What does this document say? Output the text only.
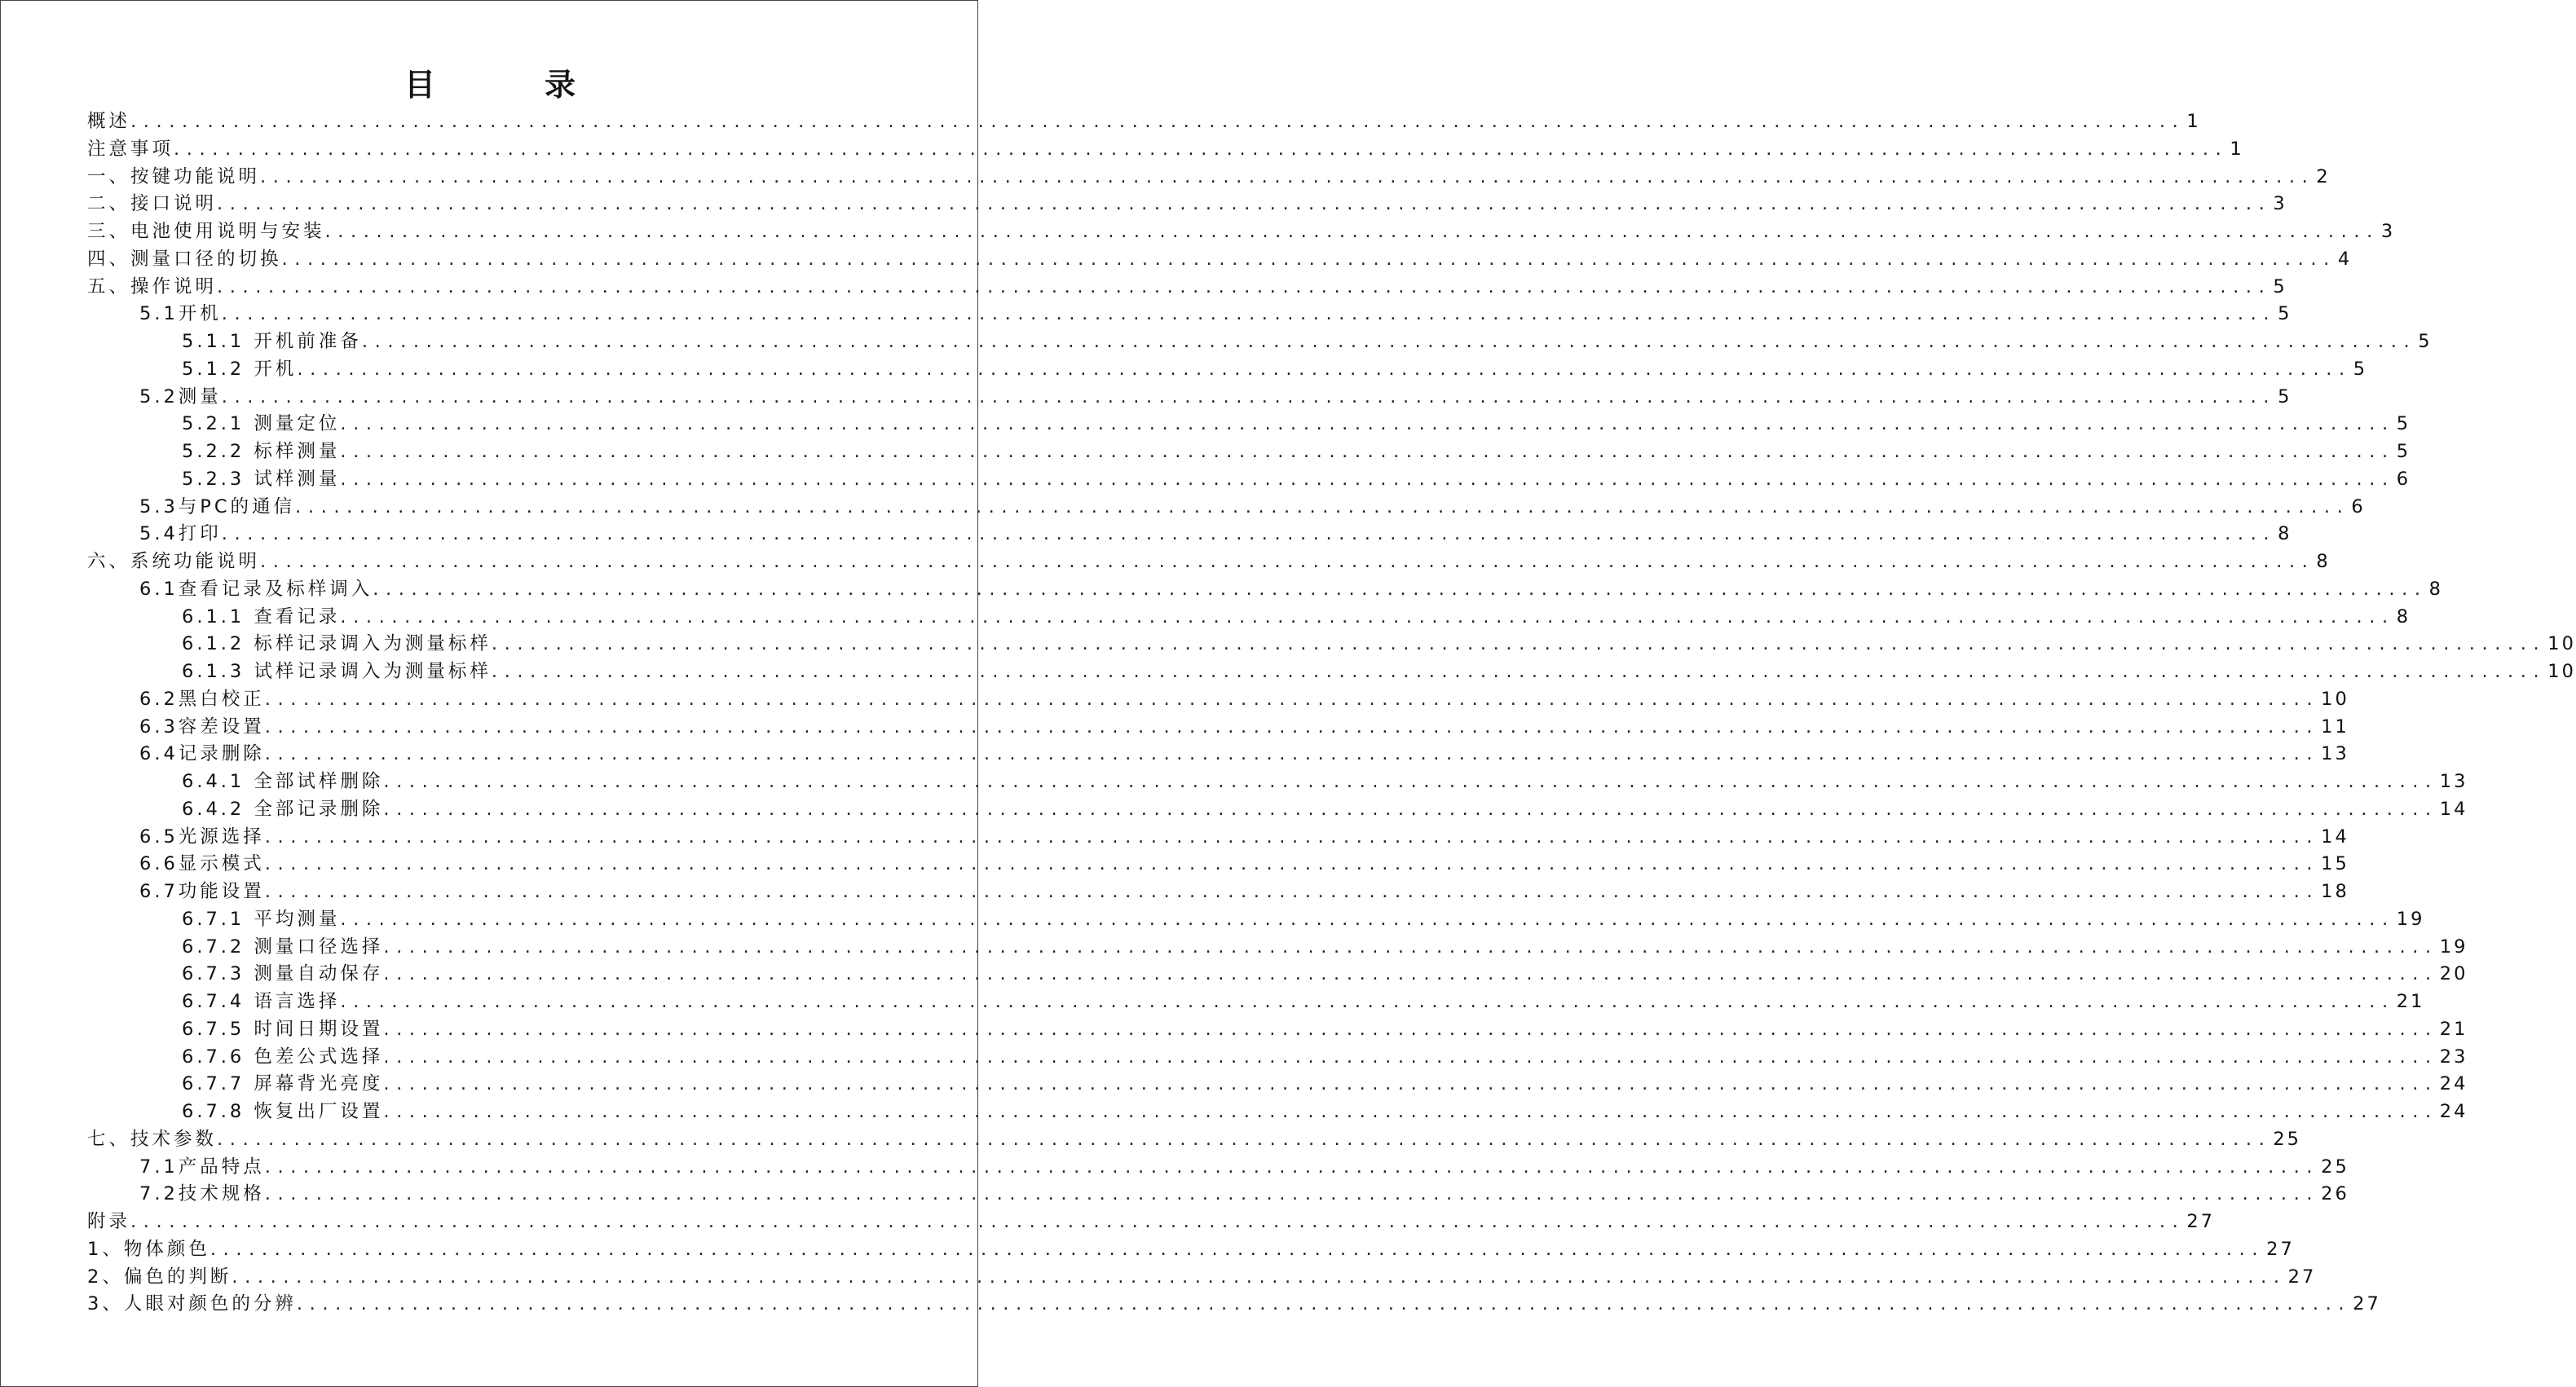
目　录
概述 ................................................................................................................................................................ 1
注意事项 ................................................................................................................................................................ 1
一、按键功能说明 ................................................................................................................................................................ 2
二、接口说明 ................................................................................................................................................................ 3
三、电池使用说明与安装 ................................................................................................................................................................ 3
四、测量口径的切换 ................................................................................................................................................................ 4
五、操作说明 ................................................................................................................................................................ 5
5.1开机 ................................................................................................................................................................ 5
5.1.1 开机前准备 ................................................................................................................................................................ 5
5.1.2 开机 ................................................................................................................................................................ 5
5.2测量 ................................................................................................................................................................ 5
5.2.1 测量定位 ................................................................................................................................................................ 5
5.2.2 标样测量 ................................................................................................................................................................ 5
5.2.3 试样测量 ................................................................................................................................................................ 6
5.3与PC的通信 ................................................................................................................................................................ 6
5.4打印 ................................................................................................................................................................ 8
六、系统功能说明 ................................................................................................................................................................ 8
6.1查看记录及标样调入 ................................................................................................................................................................ 8
6.1.1 查看记录 ................................................................................................................................................................ 8
6.1.2 标样记录调入为测量标样 ................................................................................................................................................................ 10
6.1.3 试样记录调入为测量标样 ................................................................................................................................................................ 10
6.2黑白校正 ................................................................................................................................................................ 10
6.3容差设置 ................................................................................................................................................................ 11
6.4记录删除 ................................................................................................................................................................ 13
6.4.1 全部试样删除 ................................................................................................................................................................ 13
6.4.2 全部记录删除 ................................................................................................................................................................ 14
6.5光源选择 ................................................................................................................................................................ 14
6.6显示模式 ................................................................................................................................................................ 15
6.7功能设置 ................................................................................................................................................................ 18
6.7.1 平均测量 ................................................................................................................................................................ 19
6.7.2 测量口径选择 ................................................................................................................................................................ 19
6.7.3 测量自动保存 ................................................................................................................................................................ 20
6.7.4 语言选择 ................................................................................................................................................................ 21
6.7.5 时间日期设置 ................................................................................................................................................................ 21
6.7.6 色差公式选择 ................................................................................................................................................................ 23
6.7.7 屏幕背光亮度 ................................................................................................................................................................ 24
6.7.8 恢复出厂设置 ................................................................................................................................................................ 24
七、技术参数 ................................................................................................................................................................ 25
7.1产品特点 ................................................................................................................................................................ 25
7.2技术规格 ................................................................................................................................................................ 26
附录 ................................................................................................................................................................ 27
1、物体颜色 ................................................................................................................................................................ 27
2、偏色的判断 ................................................................................................................................................................ 27
3、人眼对颜色的分辨 ................................................................................................................................................................ 27
